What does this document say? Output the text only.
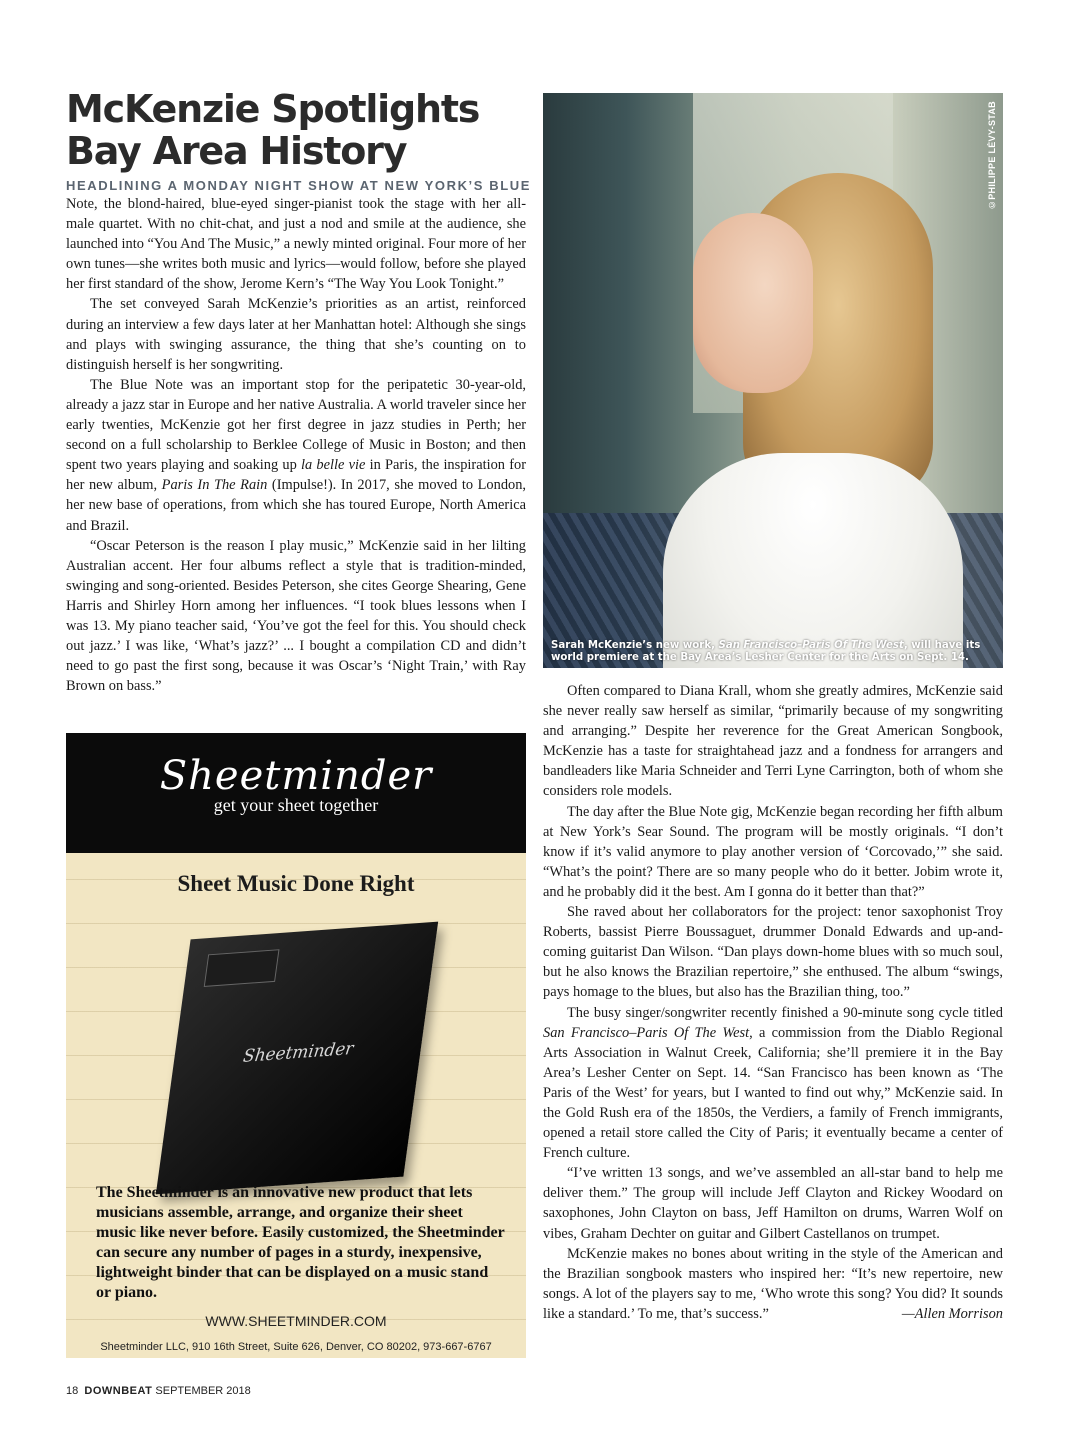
McKenzie Spotlights
Bay Area History
HEADLINING A MONDAY NIGHT SHOW AT NEW YORK’S BLUE

Note, the blond-haired, blue-eyed singer-pianist took the stage with her all-male quartet. With no chit-chat, and just a nod and smile at the audience, she launched into “You And The Music,” a newly minted original. Four more of her own tunes—she writes both music and lyrics—would follow, before she played her first standard of the show, Jerome Kern’s “The Way You Look Tonight.”

The set conveyed Sarah McKenzie’s priorities as an artist, reinforced during an interview a few days later at her Manhattan hotel: Although she sings and plays with swinging assurance, the thing that she’s counting on to distinguish herself is her songwriting.

The Blue Note was an important stop for the peripatetic 30-year-old, already a jazz star in Europe and her native Australia. A world traveler since her early twenties, McKenzie got her first degree in jazz studies in Perth; her second on a full scholarship to Berklee College of Music in Boston; and then spent two years playing and soaking up la belle vie in Paris, the inspiration for her new album, Paris In The Rain (Impulse!). In 2017, she moved to London, her new base of operations, from which she has toured Europe, North America and Brazil.

“Oscar Peterson is the reason I play music,” McKenzie said in her lilting Australian accent. Her four albums reflect a style that is tradition-minded, swinging and song-oriented. Besides Peterson, she cites George Shearing, Gene Harris and Shirley Horn among her influences. “I took blues lessons when I was 13. My piano teacher said, ‘You’ve got the feel for this. You should check out jazz.’ I was like, ‘What’s jazz?’ ... I bought a compilation CD and didn’t need to go past the first song, because it was Oscar’s ‘Night Train,’ with Ray Brown on bass.”

©PHILIPPE LÉVY-STAB
Sarah McKenzie’s new work, San Francisco–Paris Of The West, will have its world premiere at the Bay Area’s Lesher Center for the Arts on Sept. 14.

Often compared to Diana Krall, whom she greatly admires, McKenzie said she never really saw herself as similar, “primarily because of my songwriting and arranging.” Despite her reverence for the Great American Songbook, McKenzie has a taste for straightahead jazz and a fondness for arrangers and bandleaders like Maria Schneider and Terri Lyne Carrington, both of whom she considers role models.

The day after the Blue Note gig, McKenzie began recording her fifth album at New York’s Sear Sound. The program will be mostly originals. “I don’t know if it’s valid anymore to play another version of ‘Corcovado,’” she said. “What’s the point? There are so many people who do it better. Jobim wrote it, and he probably did it the best. Am I gonna do it better than that?”

She raved about her collaborators for the project: tenor saxophonist Troy Roberts, bassist Pierre Boussaguet, drummer Donald Edwards and up-and-coming guitarist Dan Wilson. “Dan plays down-home blues with so much soul, but he also knows the Brazilian repertoire,” she enthused. The album “swings, pays homage to the blues, but also has the Brazilian thing, too.”

The busy singer/songwriter recently finished a 90-minute song cycle titled San Francisco–Paris Of The West, a commission from the Diablo Regional Arts Association in Walnut Creek, California; she’ll premiere it in the Bay Area’s Lesher Center on Sept. 14. “San Francisco has been known as ‘The Paris of the West’ for years, but I wanted to find out why,” McKenzie said. In the Gold Rush era of the 1850s, the Verdiers, a family of French immigrants, opened a retail store called the City of Paris; it eventually became a center of French culture.

“I’ve written 13 songs, and we’ve assembled an all-star band to help me deliver them.” The group will include Jeff Clayton and Rickey Woodard on saxophones, John Clayton on bass, Jeff Hamilton on drums, Warren Wolf on vibes, Graham Dechter on guitar and Gilbert Castellanos on trumpet.

McKenzie makes no bones about writing in the style of the American and the Brazilian songbook masters who inspired her: “It’s new repertoire, new songs. A lot of the players say to me, ‘Who wrote this song? You did? It sounds like a standard.’ To me, that’s success.”	—Allen Morrison

Sheetminder
get your sheet together
Sheet Music Done Right
Sheetminder
The Sheetminder is an innovative new product that lets musicians assemble, arrange, and organize their sheet music like never before. Easily customized, the Sheetminder can secure any number of pages in a sturdy, inexpensive, lightweight binder that can be displayed on a music stand or piano.
WWW.SHEETMINDER.COM
Sheetminder LLC, 910 16th Street, Suite 626, Denver, CO 80202, 973-667-6767
18 DOWNBEAT SEPTEMBER 2018
